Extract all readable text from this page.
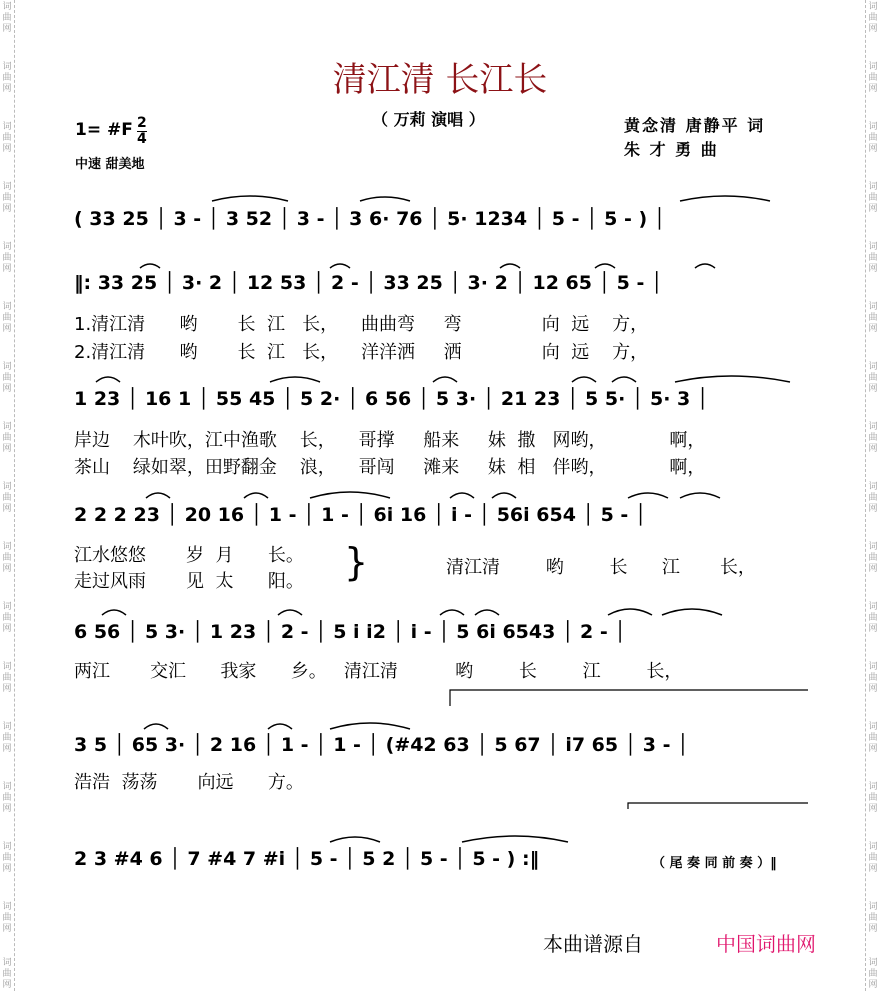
词曲网
词曲网
词曲网
词曲网
词曲网
词曲网
词曲网
词曲网
词曲网
词曲网
词曲网
词曲网
词曲网
词曲网
词曲网
词曲网
词曲网
词曲网
词曲网
词曲网
词曲网
词曲网
词曲网
词曲网
词曲网
词曲网
词曲网
词曲网
词曲网
词曲网
词曲网
词曲网
词曲网
词曲网
清江清 长江长
（ 万莉 演唱 ）	黄念清 唐静平 词
朱 才 勇 曲
1= #F 2
4
中速 甜美地
( 33 25 │ 3 - │ 3 52 │ 3 - │ 3 6· 76 │ 5· 1234 │ 5 - │ 5 - ) │
‖: 33 25 │ 3· 2 │ 12 53 │ 2 - │ 33 25 │ 3· 2 │ 12 65 │ 5 - │
1.清江清      哟       长  江   长，    曲曲弯     弯              向  远    方，
2.清江清      哟       长  江   长，    洋洋洒     洒              向  远    方，
1 23 │ 16 1 │ 55 45 │ 5 2· │ 6 56 │ 5 3· │ 21 23 │ 5 5· │ 5· 3 │
岸边    木叶吹，江中渔歌    长，    哥撑     船来     妹  撒   网哟，           啊，
茶山    绿如翠，田野翻金    浪，    哥闯     滩来     妹  相   伴哟，           啊，
2 2 2 23 │ 20 16 │ 1 - │ 1 - │ 6i 16 │ i - │ 56i 654 │ 5 - │
江水悠悠       岁  月      长。
走过风雨       见  太      阳。 }	清江清        哟        长      江       长，
6 56 │ 5 3· │ 1 23 │ 2 - │ 5 i i2 │ i - │ 5 6i 6543 │ 2 - │
两江       交汇      我家      乡。   清江清          哟        长        江        长，
3 5 │ 65 3· │ 2 16 │ 1 - │ 1 - │ (#42 63 │ 5 67 │ i7 65 │ 3 - │
浩浩  荡荡       向远      方。
2 3 #4 6 │ 7 #4 7 #i │ 5 - │ 5 2 │ 5 - │ 5 - ) :‖	（ 尾 奏 同 前 奏 ）‖
本曲谱源自	中国词曲网
